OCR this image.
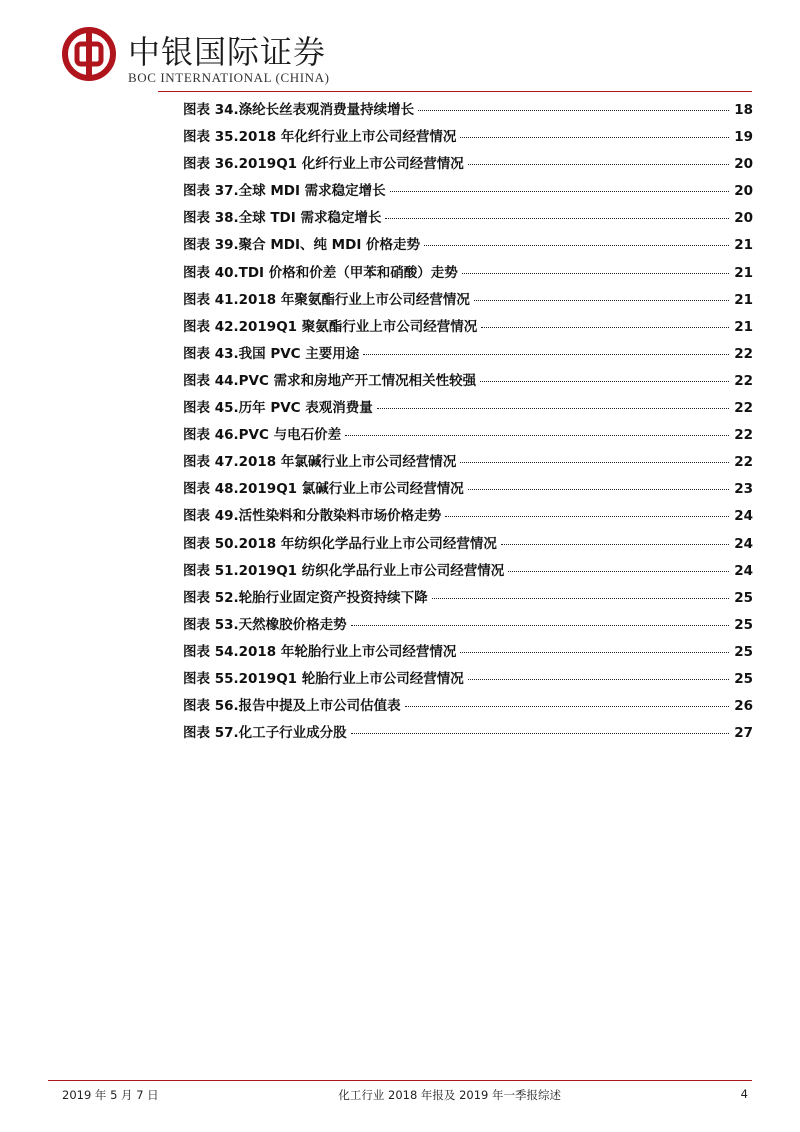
中银国际证券
BOC INTERNATIONAL (CHINA)
图表 34.涤纶长丝表观消费量持续增长	18
图表 35.2018 年化纤行业上市公司经营情况	19
图表 36.2019Q1 化纤行业上市公司经营情况	20
图表 37.全球 MDI 需求稳定增长	20
图表 38.全球 TDI 需求稳定增长	20
图表 39.聚合 MDI、纯 MDI 价格走势	21
图表 40.TDI 价格和价差（甲苯和硝酸）走势	21
图表 41.2018 年聚氨酯行业上市公司经营情况	21
图表 42.2019Q1 聚氨酯行业上市公司经营情况	21
图表 43.我国 PVC 主要用途	22
图表 44.PVC 需求和房地产开工情况相关性较强	22
图表 45.历年 PVC 表观消费量	22
图表 46.PVC 与电石价差	22
图表 47.2018 年氯碱行业上市公司经营情况	22
图表 48.2019Q1 氯碱行业上市公司经营情况	23
图表 49.活性染料和分散染料市场价格走势	24
图表 50.2018 年纺织化学品行业上市公司经营情况	24
图表 51.2019Q1 纺织化学品行业上市公司经营情况	24
图表 52.轮胎行业固定资产投资持续下降	25
图表 53.天然橡胶价格走势	25
图表 54.2018 年轮胎行业上市公司经营情况	25
图表 55.2019Q1 轮胎行业上市公司经营情况	25
图表 56.报告中提及上市公司估值表	26
图表 57.化工子行业成分股	27
2019 年 5 月 7 日	化工行业 2018 年报及 2019 年一季报综述	4
